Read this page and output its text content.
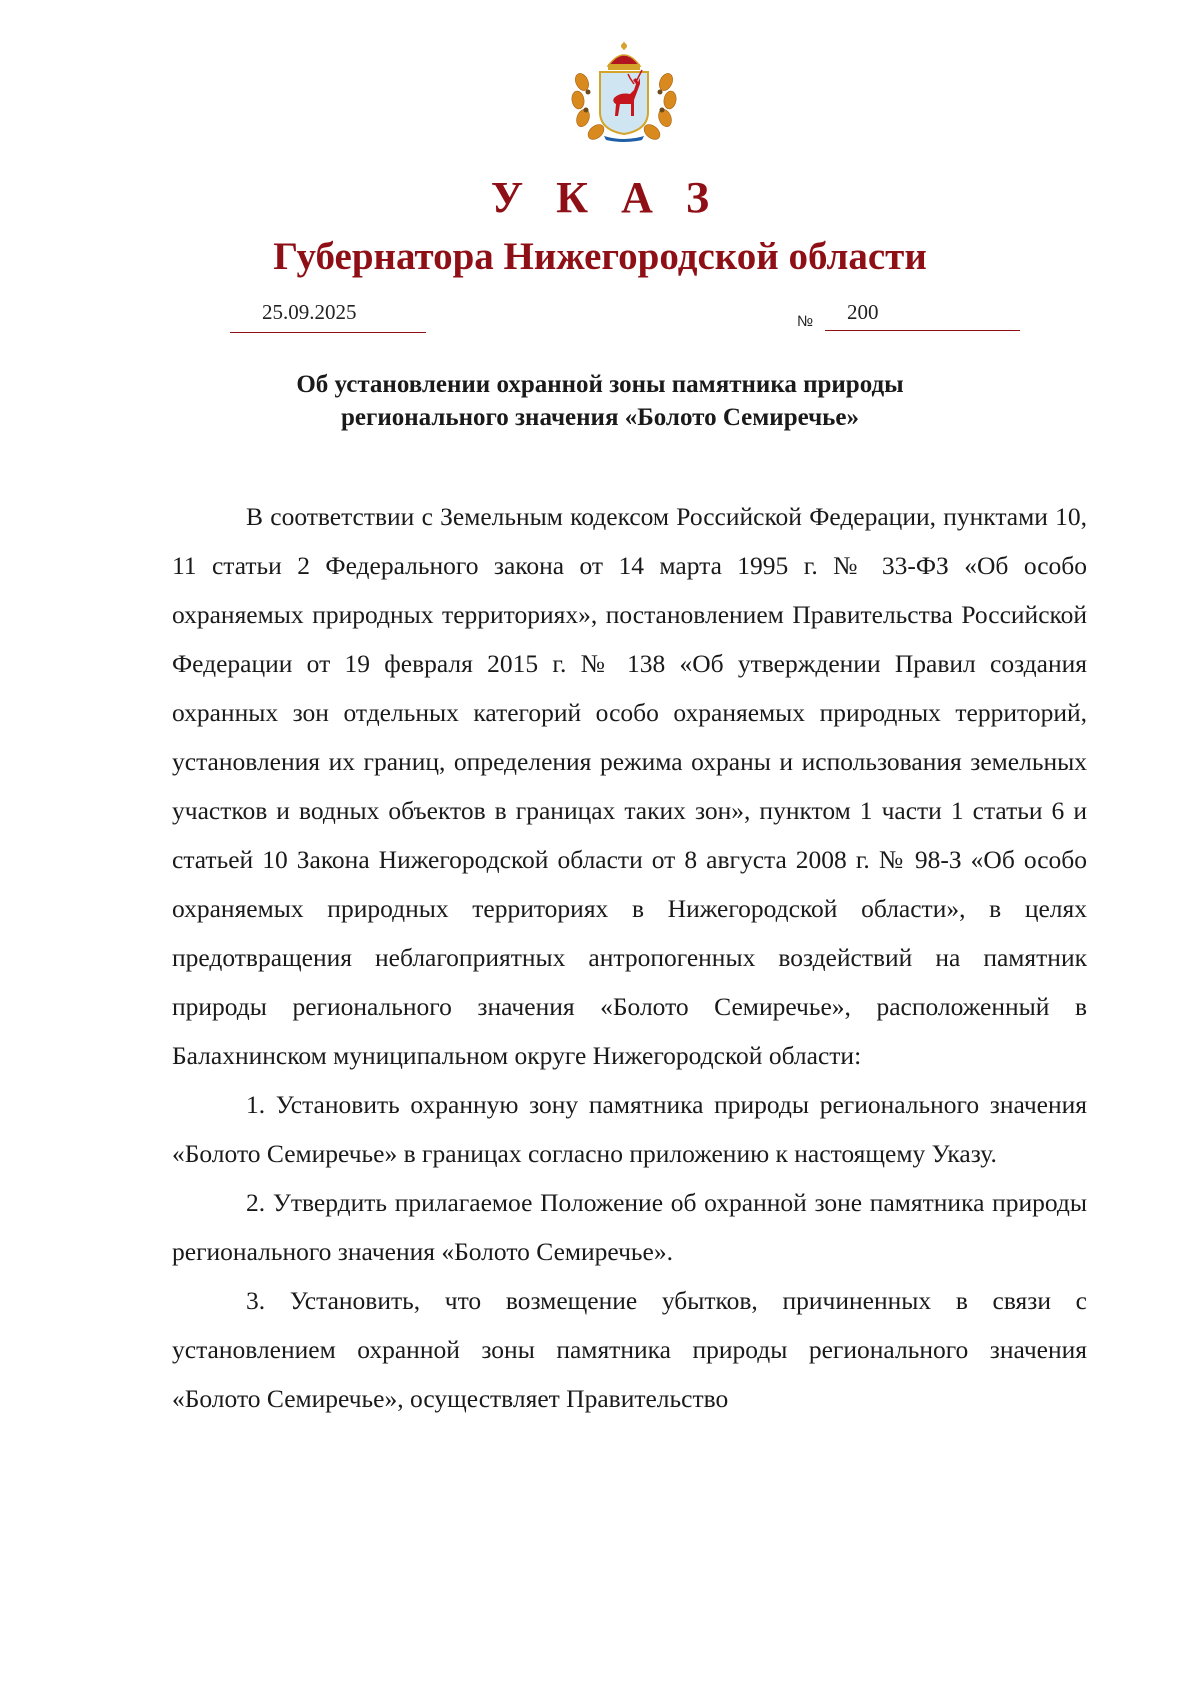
У К А З
Губернатора Нижегородской области
25.09.2025	№ 200
Об установлении охранной зоны памятника природы
регионального значения «Болото Семиречье»

В соответствии с Земельным кодексом Российской Федерации, пунктами 10, 11 статьи 2 Федерального закона от 14 марта 1995 г. № 33-ФЗ «Об особо охраняемых природных территориях», постановлением Правительства Российской Федерации от 19 февраля 2015 г. № 138 «Об утверждении Правил создания охранных зон отдельных категорий особо охраняемых природных территорий, установления их границ, определения режима охраны и использования земельных участков и водных объектов в границах таких зон», пунктом 1 части 1 статьи 6 и статьей 10 Закона Нижегородской области от 8 августа 2008 г. № 98-З «Об особо охраняемых природных территориях в Нижегородской области», в целях предотвращения неблагоприятных антропогенных воздействий на памятник природы регионального значения «Болото Семиречье», расположенный в Балахнинском муниципальном округе Нижегородской области:

1. Установить охранную зону памятника природы регионального значения «Болото Семиречье» в границах согласно приложению к настоящему Указу.

2. Утвердить прилагаемое Положение об охранной зоне памятника природы регионального значения «Болото Семиречье».

3. Установить, что возмещение убытков, причиненных в связи с установлением охранной зоны памятника природы регионального значения «Болото Семиречье», осуществляет Правительство
